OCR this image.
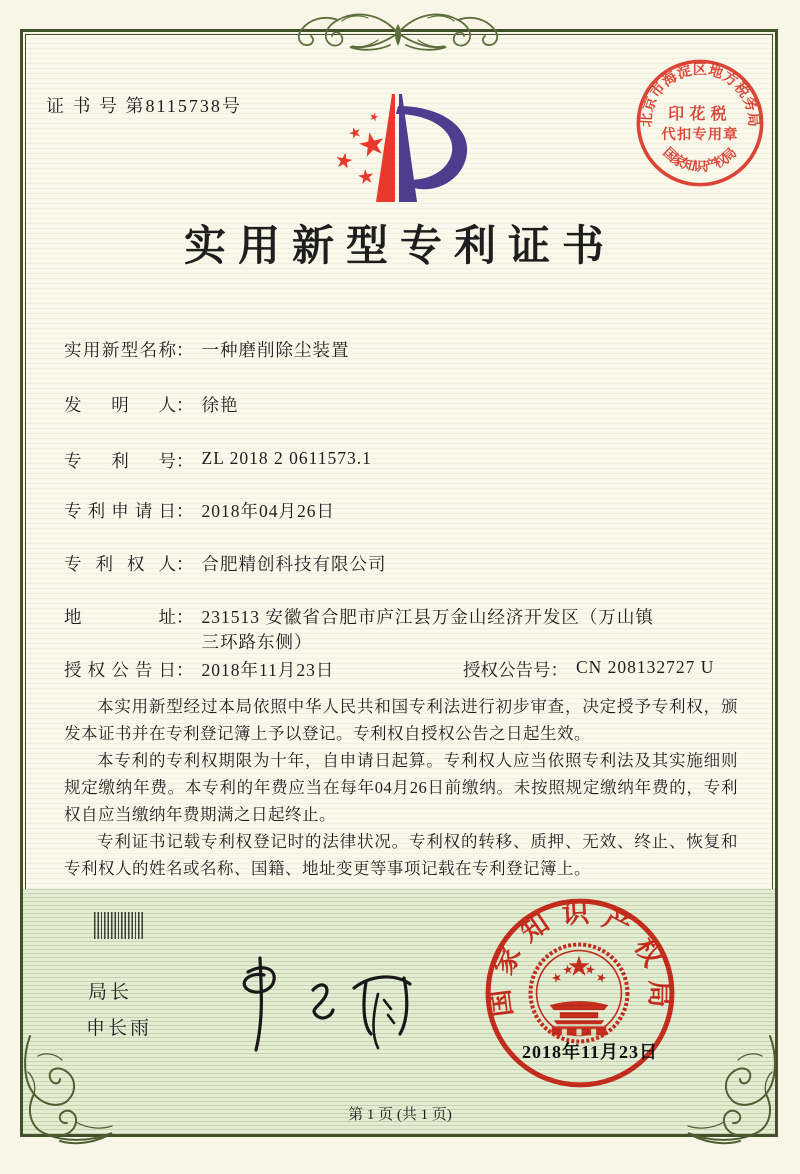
证 书 号 第8115738号
实用新型专利证书
北京市海淀区地方税务局
国家知识产权局
印花税
代扣专用章
实用新型名称： 一种磨削除尘装置
发明人： 徐艳
专利号： ZL 2018 2 0611573.1
专利申请日： 2018年04月26日
专利权人： 合肥精创科技有限公司
地址： 231513 安徽省合肥市庐江县万金山经济开发区（万山镇
三环路东侧）
授权公告日： 2018年11月23日	授权公告号： CN 208132727 U

本实用新型经过本局依照中华人民共和国专利法进行初步审查，决定授予专利权，颁发本证书并在专利登记簿上予以登记。专利权自授权公告之日起生效。

本专利的专利权期限为十年，自申请日起算。专利权人应当依照专利法及其实施细则规定缴纳年费。本专利的年费应当在每年04月26日前缴纳。未按照规定缴纳年费的，专利权自应当缴纳年费期满之日起终止。

专利证书记载专利权登记时的法律状况。专利权的转移、质押、无效、终止、恢复和专利权人的姓名或名称、国籍、地址变更等事项记载在专利登记簿上。

局长
申长雨
国家知识产权局
2018年11月23日
第 1 页 (共 1 页)
